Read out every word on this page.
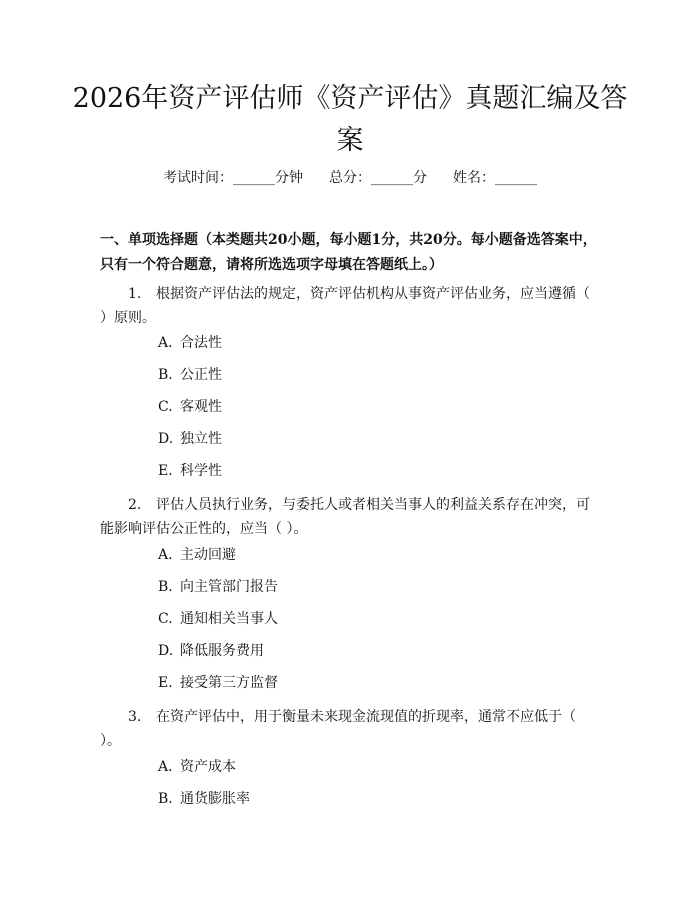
2026年资产评估师《资产评估》真题汇编及答案
考试时间：______分钟 总分：______分 姓名：______

一、单项选择题（本类题共20小题，每小题1分，共20分。每小题备选答案中，只有一个符合题意，请将所选选项字母填在答题纸上。）

1. 根据资产评估法的规定，资产评估机构从事资产评估业务，应当遵循（ ）原则。

A. 合法性

B. 公正性

C. 客观性

D. 独立性

E. 科学性

2. 评估人员执行业务，与委托人或者相关当事人的利益关系存在冲突，可能影响评估公正性的，应当（ ）。

A. 主动回避

B. 向主管部门报告

C. 通知相关当事人

D. 降低服务费用

E. 接受第三方监督

3. 在资产评估中，用于衡量未来现金流现值的折现率，通常不应低于（ ）。

A. 资产成本

B. 通货膨胀率
